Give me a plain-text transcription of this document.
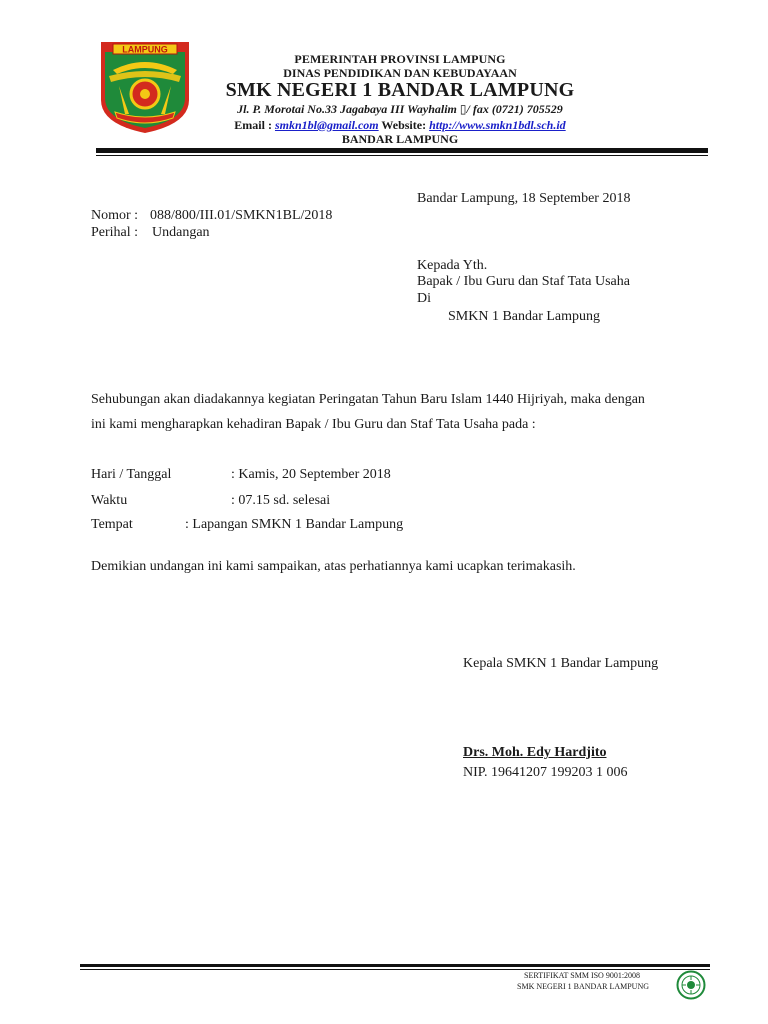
LAMPUNG
PEMERINTAH PROVINSI LAMPUNG
DINAS PENDIDIKAN DAN KEBUDAYAAN
SMK NEGERI 1 BANDAR LAMPUNG
Jl. P. Morotai No.33 Jagabaya III Wayhalim ▯/ fax (0721) 705529
Email : smkn1bl@gmail.com Website: http://www.smkn1bdl.sch.id
BANDAR LAMPUNG
Bandar Lampung, 18 September 2018
Nomor : 088/800/III.01/SMKN1BL/2018
Perihal : Undangan
Kepada Yth.
Bapak / Ibu Guru dan Staf Tata Usaha
Di
SMKN 1 Bandar Lampung
Sehubungan akan diadakannya kegiatan Peringatan Tahun Baru Islam 1440 Hijriyah, maka dengan
ini kami mengharapkan kehadiran Bapak / Ibu Guru dan Staf Tata Usaha pada :
Hari / Tanggal	: Kamis, 20 September 2018
Waktu	: 07.15 sd. selesai
Tempat	: Lapangan SMKN 1 Bandar Lampung
Demikian undangan ini kami sampaikan, atas perhatiannya kami ucapkan terimakasih.
Kepala SMKN 1 Bandar Lampung
Drs. Moh. Edy Hardjito
NIP. 19641207 199203 1 006
SERTIFIKAT SMM ISO 9001:2008
SMK NEGERI 1 BANDAR LAMPUNG
